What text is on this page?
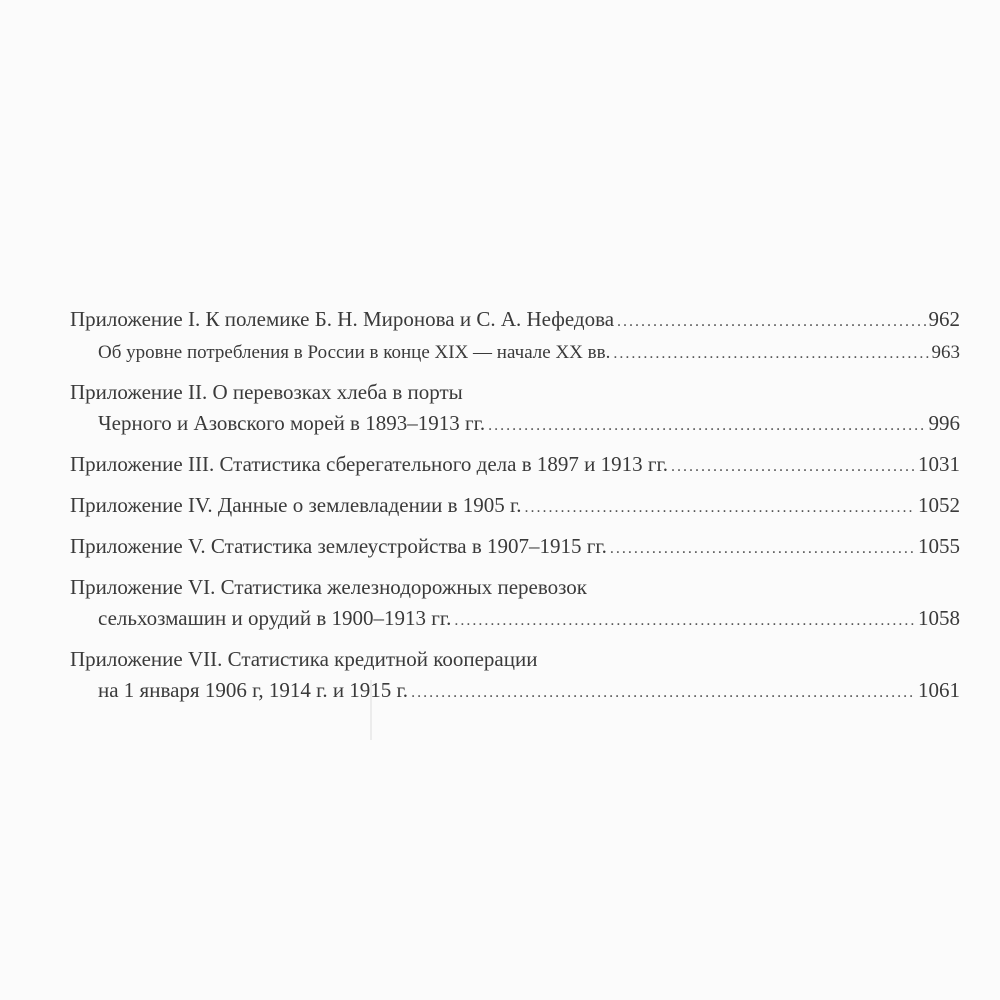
Приложение I. К полемике Б. Н. Миронова и С. А. Нефедова .....	962
Об уровне потребления в России в конце XIX — начале XX вв. .....	963
Приложение II. О перевозках хлеба в порты
Черного и Азовского морей в 1893–1913 гг. .....	996
Приложение III. Статистика сберегательного дела в 1897 и 1913 гг. .....	1031
Приложение IV. Данные о землевладении в 1905 г. .....	1052
Приложение V. Статистика землеустройства в 1907–1915 гг. .....	1055
Приложение VI. Статистика железнодорожных перевозок
сельхозмашин и орудий в 1900–1913 гг. .....	1058
Приложение VII. Статистика кредитной кооперации
на 1 января 1906 г, 1914 г. и 1915 г. .....	1061
